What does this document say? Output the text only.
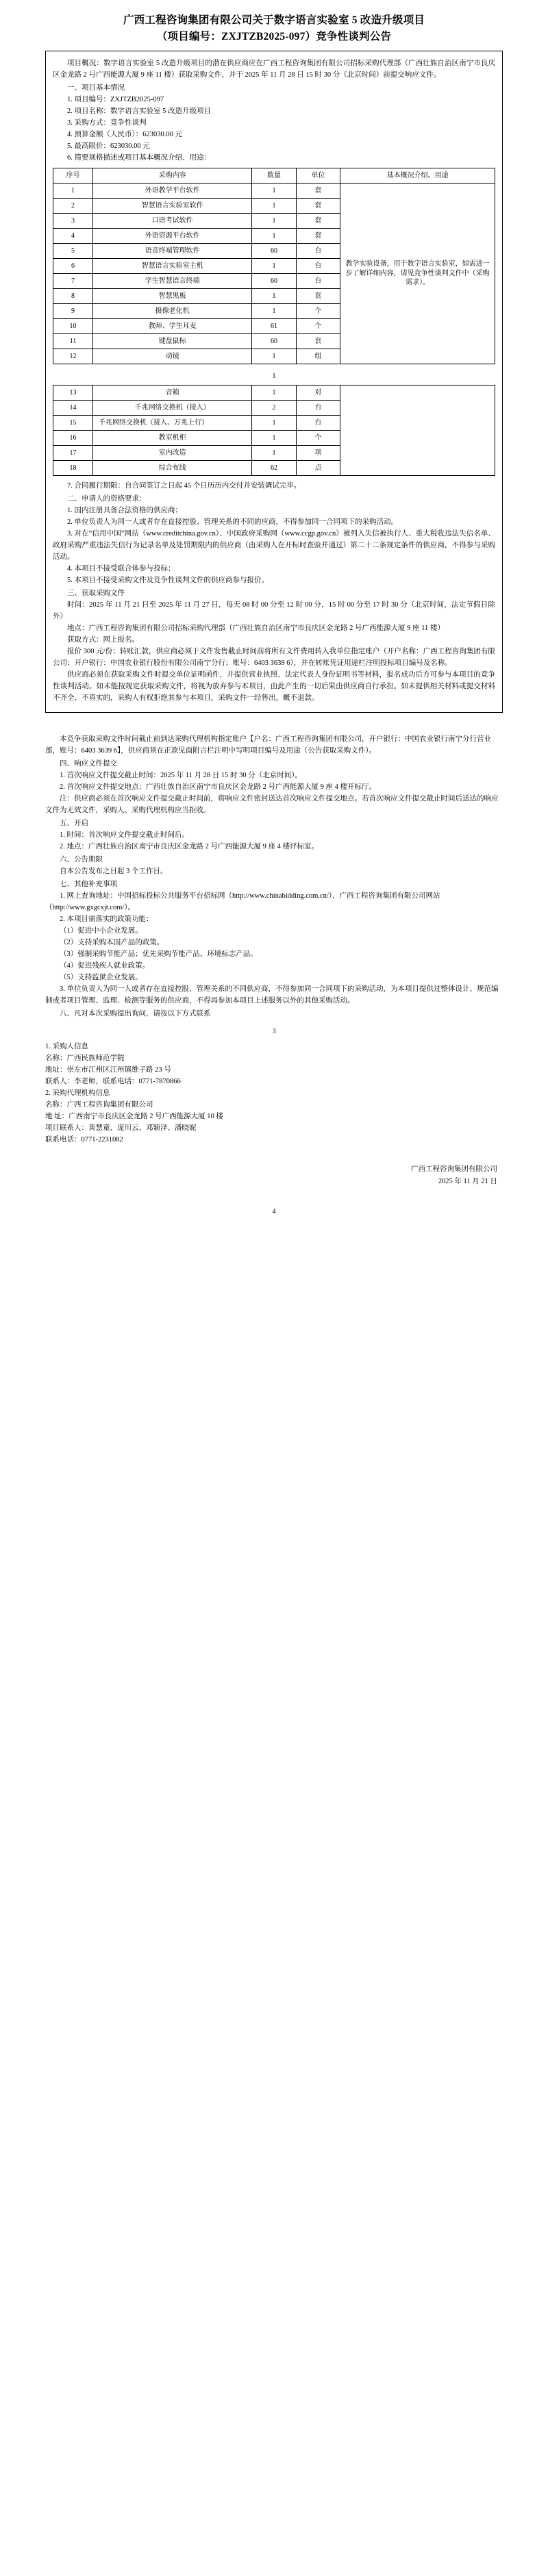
广西工程咨询集团有限公司关于数字语言实验室 5 改造升级项目
（项目编号：ZXJTZB2025-097）竞争性谈判公告

项目概况：数字语言实验室 5 改造升级项目的潜在供应商应在广西工程咨询集团有限公司招标采购代理部（广西壮族自治区南宁市良庆区金龙路 2 号广西能源大厦 9 座 11 楼）获取采购文件，并于 2025 年 11 月 28 日 15 时 30 分（北京时间）前提交响应文件。

一、项目基本情况

1. 项目编号：ZXJTZB2025-097

2. 项目名称：数字语言实验室 5 改造升级项目

3. 采购方式：竞争性谈判

4. 预算金额（人民币）：623030.00 元

5. 最高限价：623030.00 元

6. 简要规格描述或项目基本概况介绍、用途：

序号	采购内容	数量	单位	基本概况介绍、用途
1	外语教学平台软件	1	套	教学实验设备，用于数字语言实验室，如需进一步了解详细内容，请见竞争性谈判文件中（采购需求）。
2	智慧语言实验室软件	1	套	
3	口语考试软件	1	套	
4	外语资源平台软件	1	套	
5	语音终端管理软件	60	台	
6	智慧语言实验室主机	1	台	
7	学生智慧语言终端	60	台	
8	智慧黑板	1	套	
9	摄像老化机	1	个	
10	教师、学生耳麦	61	个	
11	键盘鼠标	60	套	
12	动镜	1	组	
1
13	音箱	1	对	
14	千兆网络交换机（接入）	2	台	
15	千兆网络交换机（接入、万兆上行）	1	台	
16	教室机柜	1	个	
17	室内改造	1	项	
18	综合布线	62	点	

7. 合同履行期限：自合同签订之日起 45 个日历历内交付并安装调试完毕。

二、申请人的资格要求：

1. 国内注册具备合法资格的供应商；

2. 单位负责人为同一人或者存在直接控股、管理关系的不同的应商，不得参加同一合同项下的采购活动。

3. 对在“信用中国”网站（www.creditchina.gov.cn）、中国政府采购网（www.ccgp.gov.cn）被列入失信被执行人、重大税收违法失信名单、政府采购严重违法失信行为记录名单及处罚期限内的供应商（由采购人在开标时查验并通过）第二十二条规定条件的供应商，不得参与采购活动。

4. 本项目不接受联合体参与投标；

5. 本项目不接受采购文件及竞争性谈判文件的供应商参与报价。

三、获取采购文件

时间：2025 年 11 月 21 日至 2025 年 11 月 27 日，每天 08 时 00 分至 12 时 00 分，15 时 00 分至 17 时 30 分（北京时间，法定节假日除外）

地点：广西工程咨询集团有限公司招标采购代理部（广西壮族自治区南宁市良庆区金龙路 2 号广西能源大厦 9 座 11 楼）

获取方式：网上报名。

报价 300 元/份；转账汇款，供应商必须于文件发售截止时间前将所有文件费用转入我单位指定账户（开户名称：广西工程咨询集团有限公司；开户银行：中国农业银行股份有限公司南宁分行；账号：6403 3639 6），并在转账凭证用途栏注明投标项目编号及名称。

供应商必须在获取采购文件时提交单位证明函件，并提供营业执照、法定代表人身份证明书等材料，报名成功后方可参与本项目的竞争性谈判活动。如未能按规定获取采购文件，将视为放弃参与本项目，由此产生的一切后果由供应商自行承担。如未提供相关材料或提交材料不齐全、不真实的，采购人有权拒绝其参与本项目，采购文件一经售出，概不退款。

本竞争获取采购文件时间截止前到达采购代理机构指定账户【户名：广西工程咨询集团有限公司，开户银行：中国农业银行南宁分行营业部，账号：6403 3639 6】，供应商须在正款见面附言栏注明中写明项目编号及用途（公告获取采购文件）。

四、响应文件提交

1. 首次响应文件提交截止时间：2025 年 11 月 28 日 15 时 30 分（北京时间）。

2. 首次响应文件提交地点：广西壮族自治区南宁市良庆区金龙路 2 号广西能源大厦 9 座 4 楼开标厅。

注：供应商必须在首次响应文件提交截止时间前，将响应文件密封送达首次响应文件提交地点。若首次响应文件提交截止时间后送达的响应文件为无效文件，采购人、采购代理机构应当拒收。

五、开启

1. 时间：首次响应文件提交截止时间后。

2. 地点：广西壮族自治区南宁市良庆区金龙路 2 号广西能源大厦 9 座 4 楼评标室。

六、公告期限

自本公告发布之日起 3 个工作日。

七、其他补充事项

1. 网上查询地址：中国招标投标公共服务平台招标网（http://www.chinabidding.com.cn/）、广西工程咨询集团有限公司网站（http://www.gxgcxjt.com/）。

2. 本项目需落实的政策功能：

（1）促进中小企业发展。

（2）支持采购本国产品的政策。

（3）强制采购节能产品；优先采购节能产品、环境标志产品。

（4）促进残疾人就业政策。

（5）支持监狱企业发展。

3. 单位负责人为同一人或者存在直接控股、管理关系的不同供应商，不得参加同一合同项下的采购活动，为本项目提供过整体设计、规范编制或者项目管理、监理、检测等服务的供应商，不得再参加本项目上述服务以外的其他采购活动。

八、凡对本次采购提出询问，请按以下方式联系

3

1. 采购人信息

名称：广西民族师范学院

地址：崇左市江州区江州镇维子路 23 号

联系人：李老师，联系电话：0771-7870866

2. 采购代理机构信息

名称：广西工程咨询集团有限公司

地 址：广西南宁市良庆区金龙路 2 号广西能源大厦 10 楼

项目联系人：黄慧童、庞川云、邓颖泽、潘晓妮

联系电话：0771-2231082

广西工程咨询集团有限公司
2025 年 11 月 21 日
4
